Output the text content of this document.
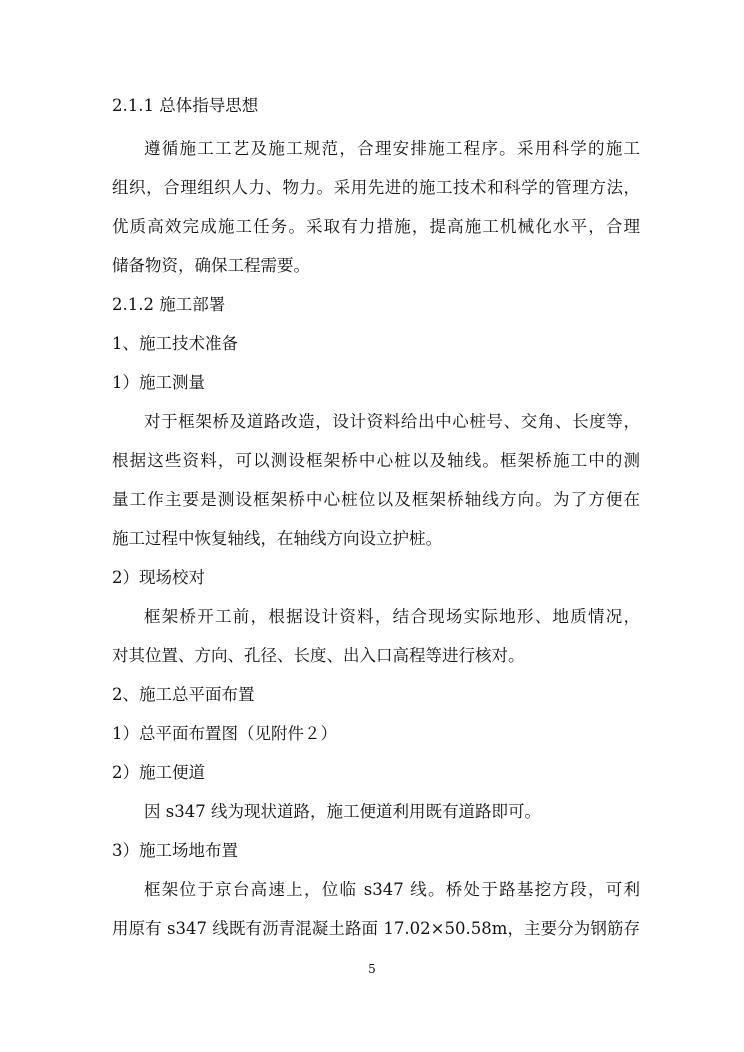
2.1.1 总体指导思想
遵循施工工艺及施工规范，合理安排施工程序。采用科学的施工
组织，合理组织人力、物力。采用先进的施工技术和科学的管理方法，
优质高效完成施工任务。采取有力措施，提高施工机械化水平，合理
储备物资，确保工程需要。
2.1.2 施工部署
1、施工技术准备
1）施工测量
对于框架桥及道路改造，设计资料给出中心桩号、交角、长度等，
根据这些资料，可以测设框架桥中心桩以及轴线。框架桥施工中的测
量工作主要是测设框架桥中心桩位以及框架桥轴线方向。为了方便在
施工过程中恢复轴线，在轴线方向设立护桩。
2）现场校对
框架桥开工前，根据设计资料，结合现场实际地形、地质情况，
对其位置、方向、孔径、长度、出入口高程等进行核对。
2、施工总平面布置
1）总平面布置图（见附件２）
2）施工便道
因 s347 线为现状道路，施工便道利用既有道路即可。
3）施工场地布置
框架位于京台高速上，位临 s347 线。桥处于路基挖方段，可利
用原有 s347 线既有沥青混凝土路面 17.02×50.58m，主要分为钢筋存
5
